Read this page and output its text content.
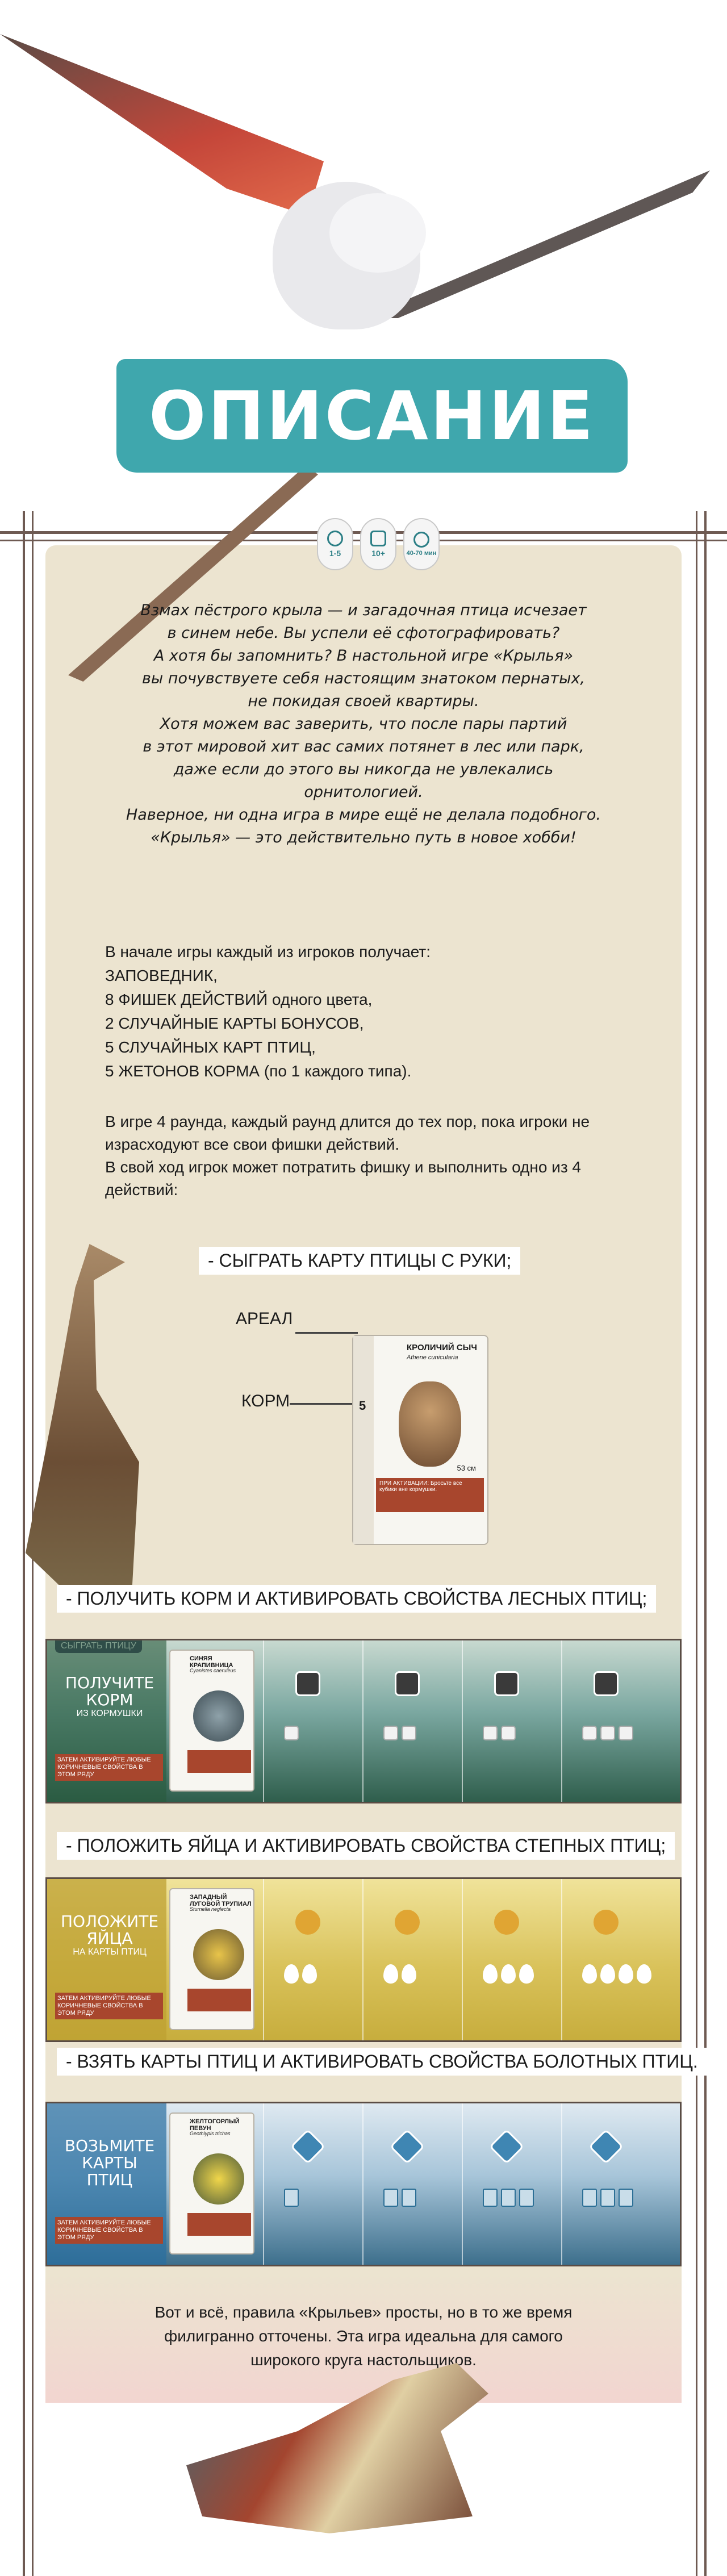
ОПИСАНИЕ
1-5	10+	40-70 мин
Взмах пёстрого крыла — и загадочная птица исчезает
в синем небе. Вы успели её сфотографировать?
А хотя бы запомнить? В настольной игре «Крылья»
вы почувствуете себя настоящим знатоком пернатых,
не покидая своей квартиры.
Хотя можем вас заверить, что после пары партий
в этот мировой хит вас самих потянет в лес или парк,
даже если до этого вы никогда не увлекались
орнитологией.
Наверное, ни одна игра в мире ещё не делала подобного.
«Крылья» — это действительно путь в новое хобби!
В начале игры каждый из игроков получает:
ЗАПОВЕДНИК,
8 ФИШЕК ДЕЙСТВИЙ одного цвета,
2 СЛУЧАЙНЫЕ КАРТЫ БОНУСОВ,
5 СЛУЧАЙНЫХ КАРТ ПТИЦ,
5 ЖЕТОНОВ КОРМА (по 1 каждого типа).
В игре 4 раунда, каждый раунд длится до тех пор, пока игроки не израсходуют все свои фишки действий.
В свой ход игрок может потратить фишку и выполнить одно из 4 действий:
- СЫГРАТЬ КАРТУ ПТИЦЫ С РУКИ;
АРЕАЛ
КОРМ
КРОЛИЧИЙ СЫЧ
Athene cunicularia
5
53 см
ПРИ АКТИВАЦИИ: Бросьте все кубики вне кормушки.
- ПОЛУЧИТЬ КОРМ И АКТИВИРОВАТЬ СВОЙСТВА ЛЕСНЫХ ПТИЦ;
ПОЛУЧИТЕ КОРМ
ИЗ КОРМУШКИ
ЗАТЕМ АКТИВИРУЙТЕ ЛЮБЫЕ КОРИЧНЕВЫЕ СВОЙСТВА В ЭТОМ РЯДУ
СИНЯЯ КРАПИВНИЦА
Cyanistes caeruleus
- ПОЛОЖИТЬ ЯЙЦА И АКТИВИРОВАТЬ СВОЙСТВА СТЕПНЫХ ПТИЦ;
ПОЛОЖИТЕ ЯЙЦА
НА КАРТЫ ПТИЦ
ЗАТЕМ АКТИВИРУЙТЕ ЛЮБЫЕ КОРИЧНЕВЫЕ СВОЙСТВА В ЭТОМ РЯДУ
ЗАПАДНЫЙ ЛУГОВОЙ ТРУПИАЛ
Sturnella neglecta
- ВЗЯТЬ КАРТЫ ПТИЦ И АКТИВИРОВАТЬ СВОЙСТВА БОЛОТНЫХ ПТИЦ.
ВОЗЬМИТЕ КАРТЫ ПТИЦ
ЗАТЕМ АКТИВИРУЙТЕ ЛЮБЫЕ КОРИЧНЕВЫЕ СВОЙСТВА В ЭТОМ РЯДУ
ЖЕЛТОГОРЛЫЙ ПЕВУН
Geothlypis trichas
Вот и всё, правила «Крыльев» просты, но в то же время
филигранно отточены. Эта игра идеальна для самого
широкого круга настольщиков.
